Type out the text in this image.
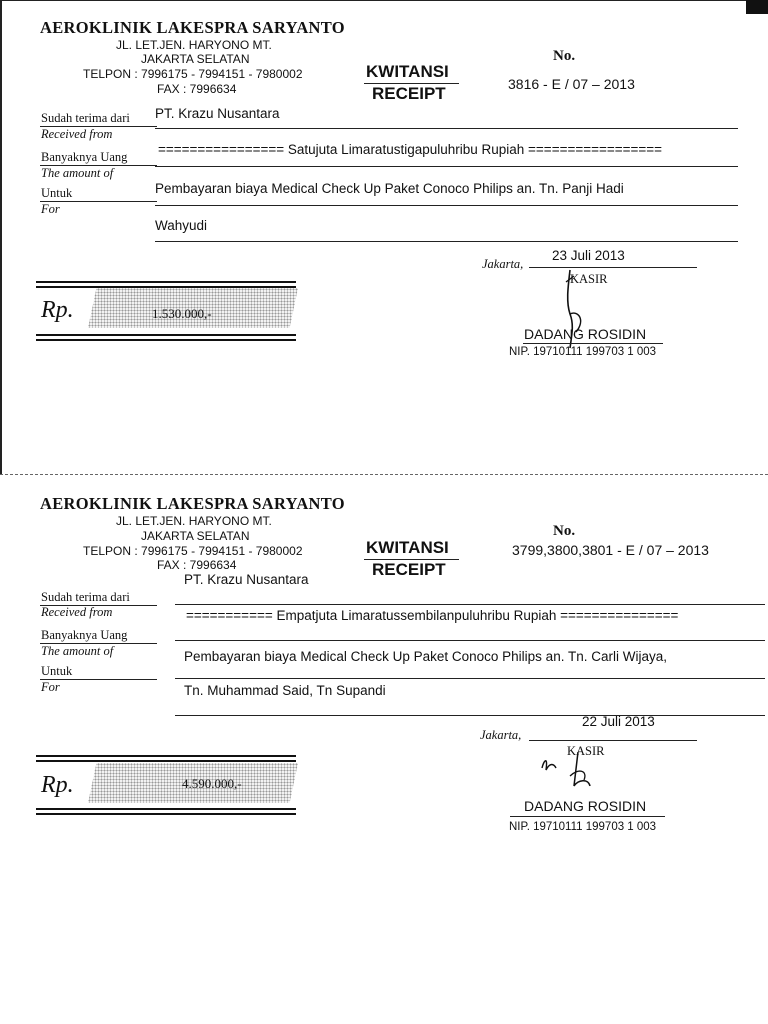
AEROKLINIK LAKESPRA SARYANTO
JL. LET.JEN. HARYONO MT.
JAKARTA SELATAN
TELPON : 7996175 - 7994151 - 7980002
FAX : 7996634
KWITANSI
RECEIPT
No.
3816 - E / 07 – 2013
Sudah terima dari
Received from
PT. Krazu Nusantara
Banyaknya Uang
The amount of
================ Satujuta Limaratustigapuluhribu Rupiah =================
Untuk
For
Pembayaran biaya Medical Check Up Paket Conoco Philips an. Tn. Panji Hadi
Wahyudi
Jakarta,
23 Juli 2013
Rp.	1.530.000,-
KASIR
DADANG ROSIDIN
NIP. 19710111 199703 1 003
AEROKLINIK LAKESPRA SARYANTO
JL. LET.JEN. HARYONO MT.
JAKARTA SELATAN
TELPON : 7996175 - 7994151 - 7980002
FAX : 7996634
KWITANSI
RECEIPT
No.
3799,3800,3801 - E / 07 – 2013
PT. Krazu Nusantara
Sudah terima dari
Received from
Banyaknya Uang
The amount of
=========== Empatjuta Limaratussembilanpuluhribu Rupiah ===============
Untuk
For
Pembayaran biaya Medical Check Up Paket Conoco Philips an. Tn. Carli Wijaya,
Tn. Muhammad Said, Tn Supandi
22 Juli 2013
Jakarta,
Rp.	4.590.000,-
KASIR
DADANG ROSIDIN
NIP. 19710111 199703 1 003
